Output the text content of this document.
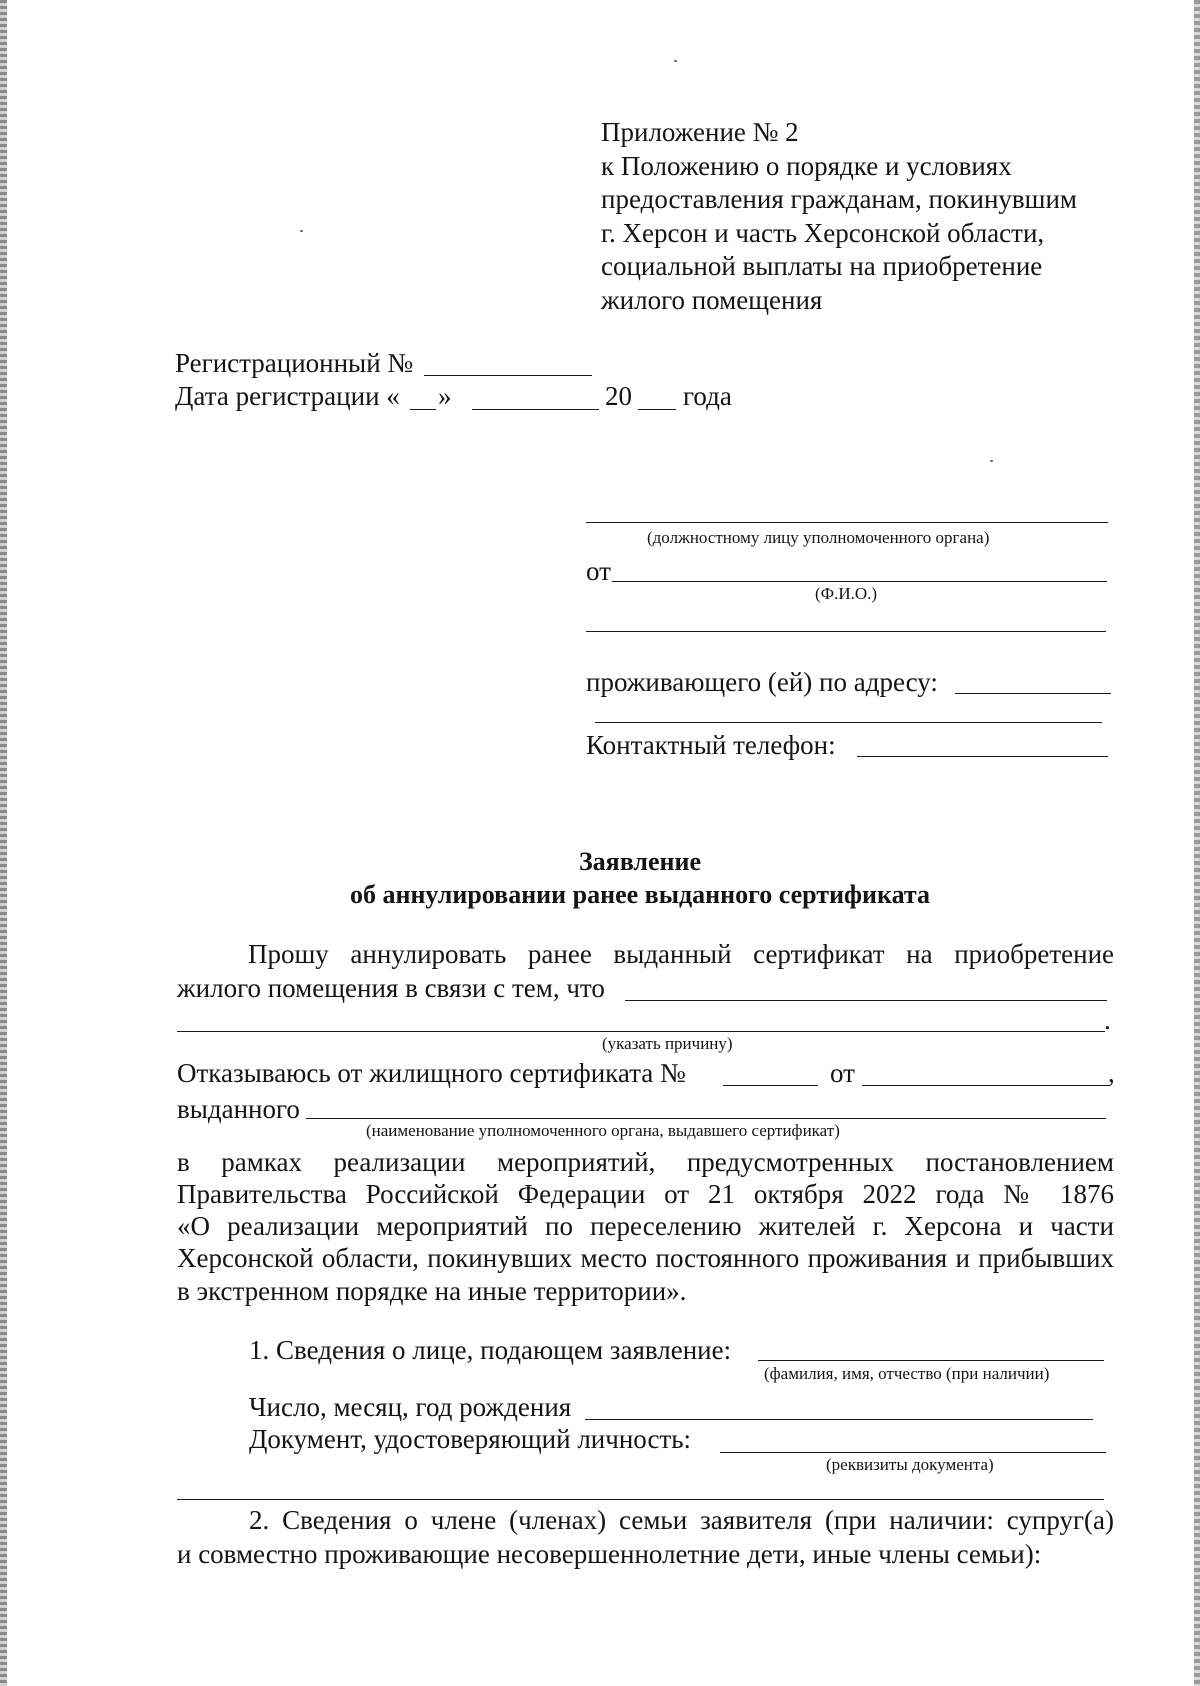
Приложение № 2
к Положению о порядке и условиях
предоставления гражданам, покинувшим
г. Херсон и часть Херсонской области,
социальной выплаты на приобретение
жилого помещения
Регистрационный №
Дата регистрации « »	20 года
(должностному лицу уполномоченного органа)
от
(Ф.И.О.)
проживающего (ей) по адресу:
Контактный телефон:
Заявление
об аннулировании ранее выданного сертификата
Прошу аннулировать ранее выданный сертификат на приобретение
жилого помещения в связи с тем, что
.
(указать причину)
Отказываюсь от жилищного сертификата №	от	,
выданного
(наименование уполномоченного органа, выдавшего сертификат)
в рамках реализации мероприятий, предусмотренных постановлением
Правительства Российской Федерации от 21 октября 2022 года № 1876
«О реализации мероприятий по переселению жителей г. Херсона и части
Херсонской области, покинувших место постоянного проживания и прибывших
в экстренном порядке на иные территории».
1. Сведения о лице, подающем заявление:
(фамилия, имя, отчество (при наличии)
Число, месяц, год рождения
Документ, удостоверяющий личность:
(реквизиты документа)
2. Сведения о члене (членах) семьи заявителя (при наличии: супруг(а)
и совместно проживающие несовершеннолетние дети, иные члены семьи):
